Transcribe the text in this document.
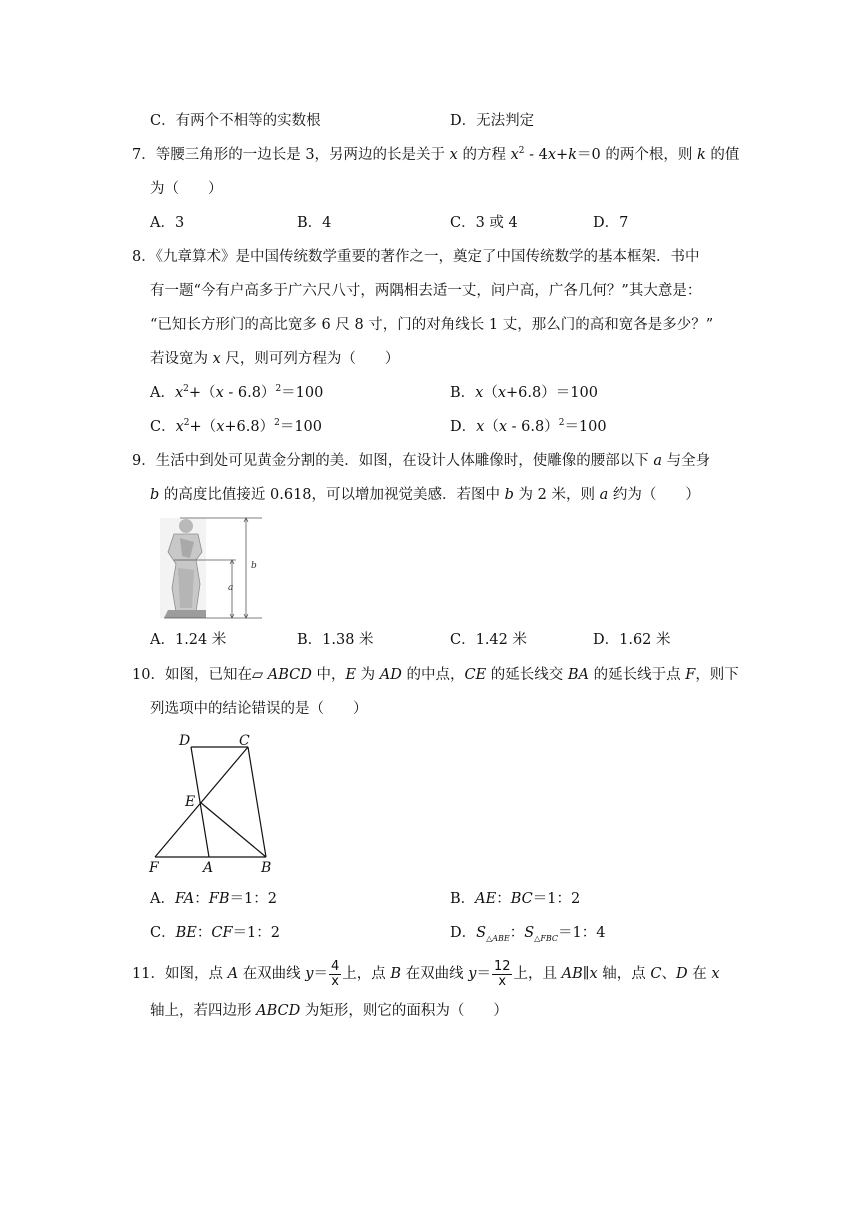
C．有两个不相等的实数根	D．无法判定
7．等腰三角形的一边长是 3，另两边的长是关于 x 的方程 $x^2 - 4x+k=0$ 的两个根，则 k 的值
为（　　）
A．3	B．4	C．3 或 4	D．7
8．《九章算术》是中国传统数学重要的著作之一，奠定了中国传统数学的基本框架．书中
有一题“今有户高多于广六尺八寸，两隅相去适一丈，问户高，广各几何？”其大意是：
“已知长方形门的高比宽多 6 尺 8 寸，门的对角线长 1 丈，那么门的高和宽各是多少？”
若设宽为 x 尺，则可列方程为（　　）
A．$x^2+(x - 6.8)^2=100$	B．x（x+6.8）＝100
C．$x^2+(x+6.8)^2=100$	D．x（x - 6.8）$^2$＝100
9．生活中到处可见黄金分割的美．如图，在设计人体雕像时，使雕像的腰部以下 a 与全身
b 的高度比值接近 0.618，可以增加视觉美感．若图中 b 为 2 米，则 a 约为（　　）
b
a
A．1.24 米	B．1.38 米	C．1.42 米	D．1.62 米
10．如图，已知在▱ ABCD 中，E 为 AD 的中点，CE 的延长线交 BA 的延长线于点 F，则下
列选项中的结论错误的是（　　）
D	C
E
F	A	B
A．FA：FB＝1：2	B．AE：BC＝1：2
C．BE：CF＝1：2	D．$S_{\triangle ABE}$：$S_{\triangle FBC}=1$：4
11．如图，点 A 在双曲线 $y= \frac{4}{x}$ 上，点 B 在双曲线 $y= \frac{12}{x}$ 上，且 AB∥x 轴，点 C、D 在 x
轴上，若四边形 ABCD 为矩形，则它的面积为（　　）
